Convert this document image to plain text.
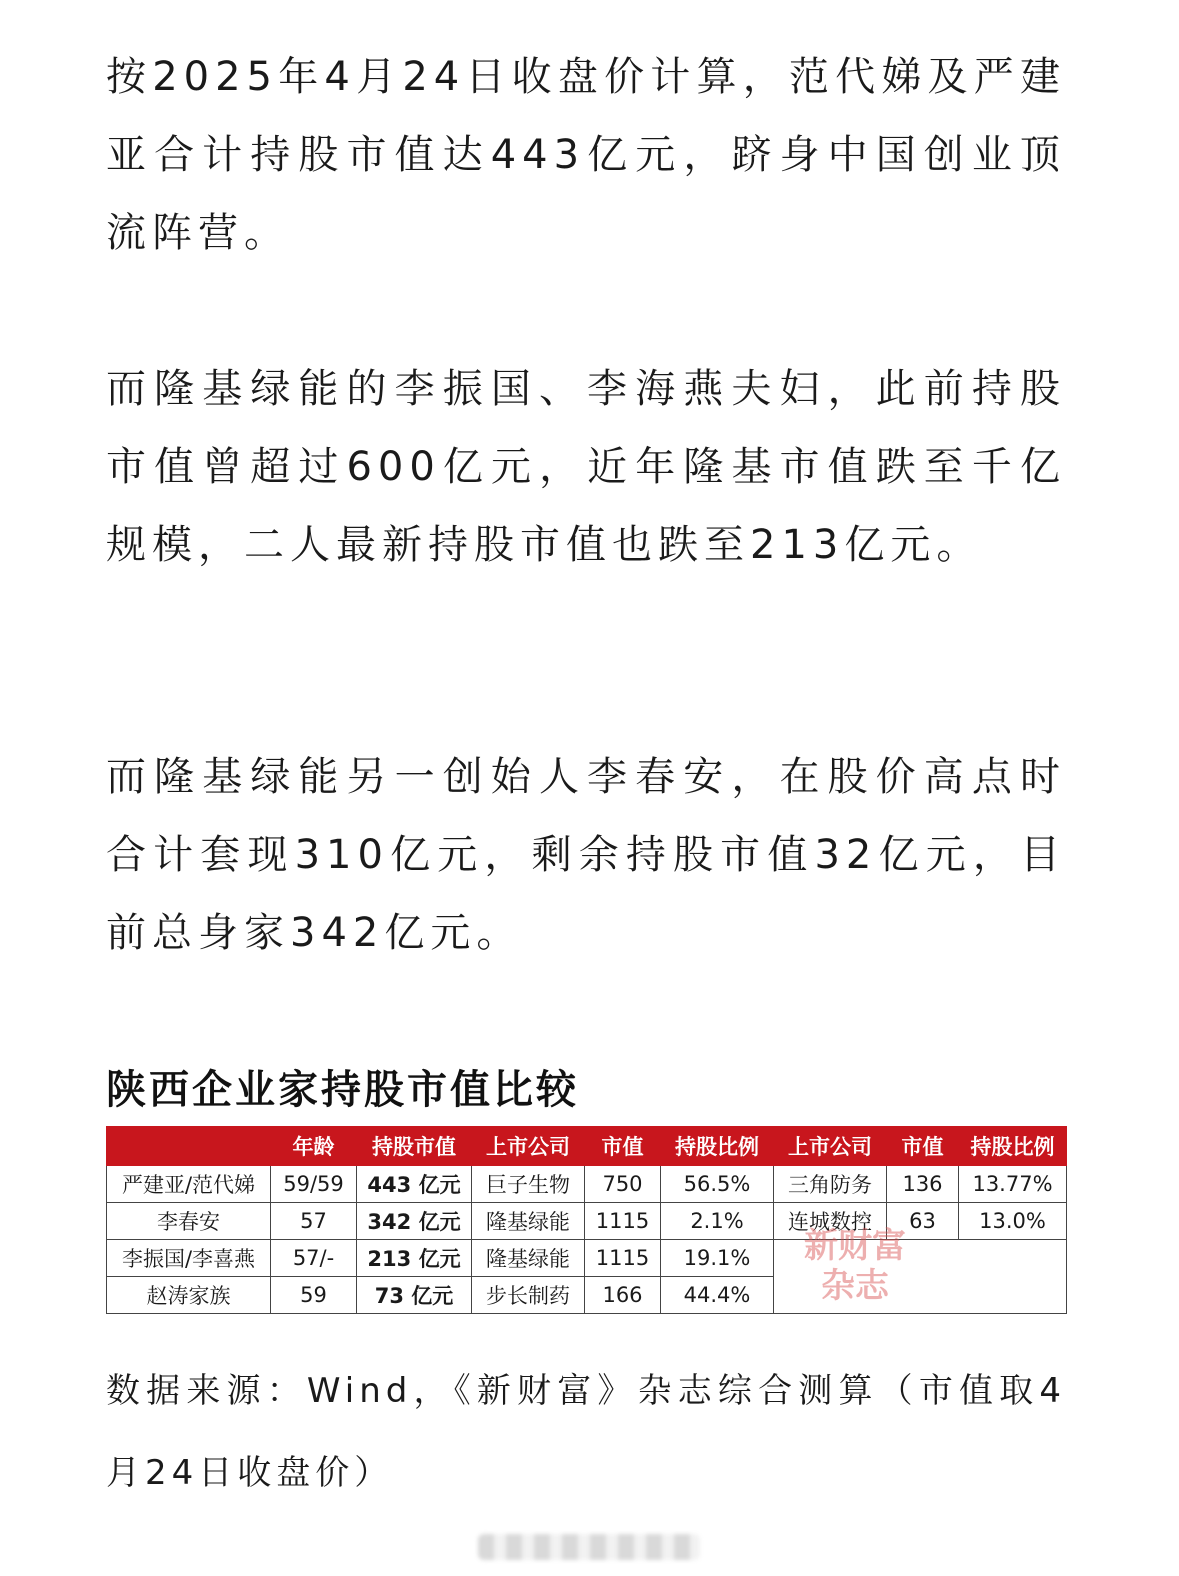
按2025年4月24日收盘价计算，范代娣及严建亚合计持股市值达443亿元，跻身中国创业顶流阵营。

而隆基绿能的李振国、李海燕夫妇，此前持股市值曾超过600亿元，近年隆基市值跌至千亿规模，二人最新持股市值也跌至213亿元。

而隆基绿能另一创始人李春安，在股价高点时合计套现310亿元，剩余持股市值32亿元，目前总身家342亿元。

陕西企业家持股市值比较
	年龄	持股市值	上市公司	市值	持股比例	上市公司	市值	持股比例
严建亚/范代娣	59/59	443 亿元	巨子生物	750	56.5%	三角防务	136	13.77%
李春安	57	342 亿元	隆基绿能	1115	2.1%	连城数控	63	13.0%
李振国/李喜燕	57/-	213 亿元	隆基绿能	1115	19.1%			
赵涛家族	59	73 亿元	步长制药	166	44.4%			
新财富
杂志

数据来源：Wind，《新财富》杂志综合测算（市值取4月24日收盘价）
